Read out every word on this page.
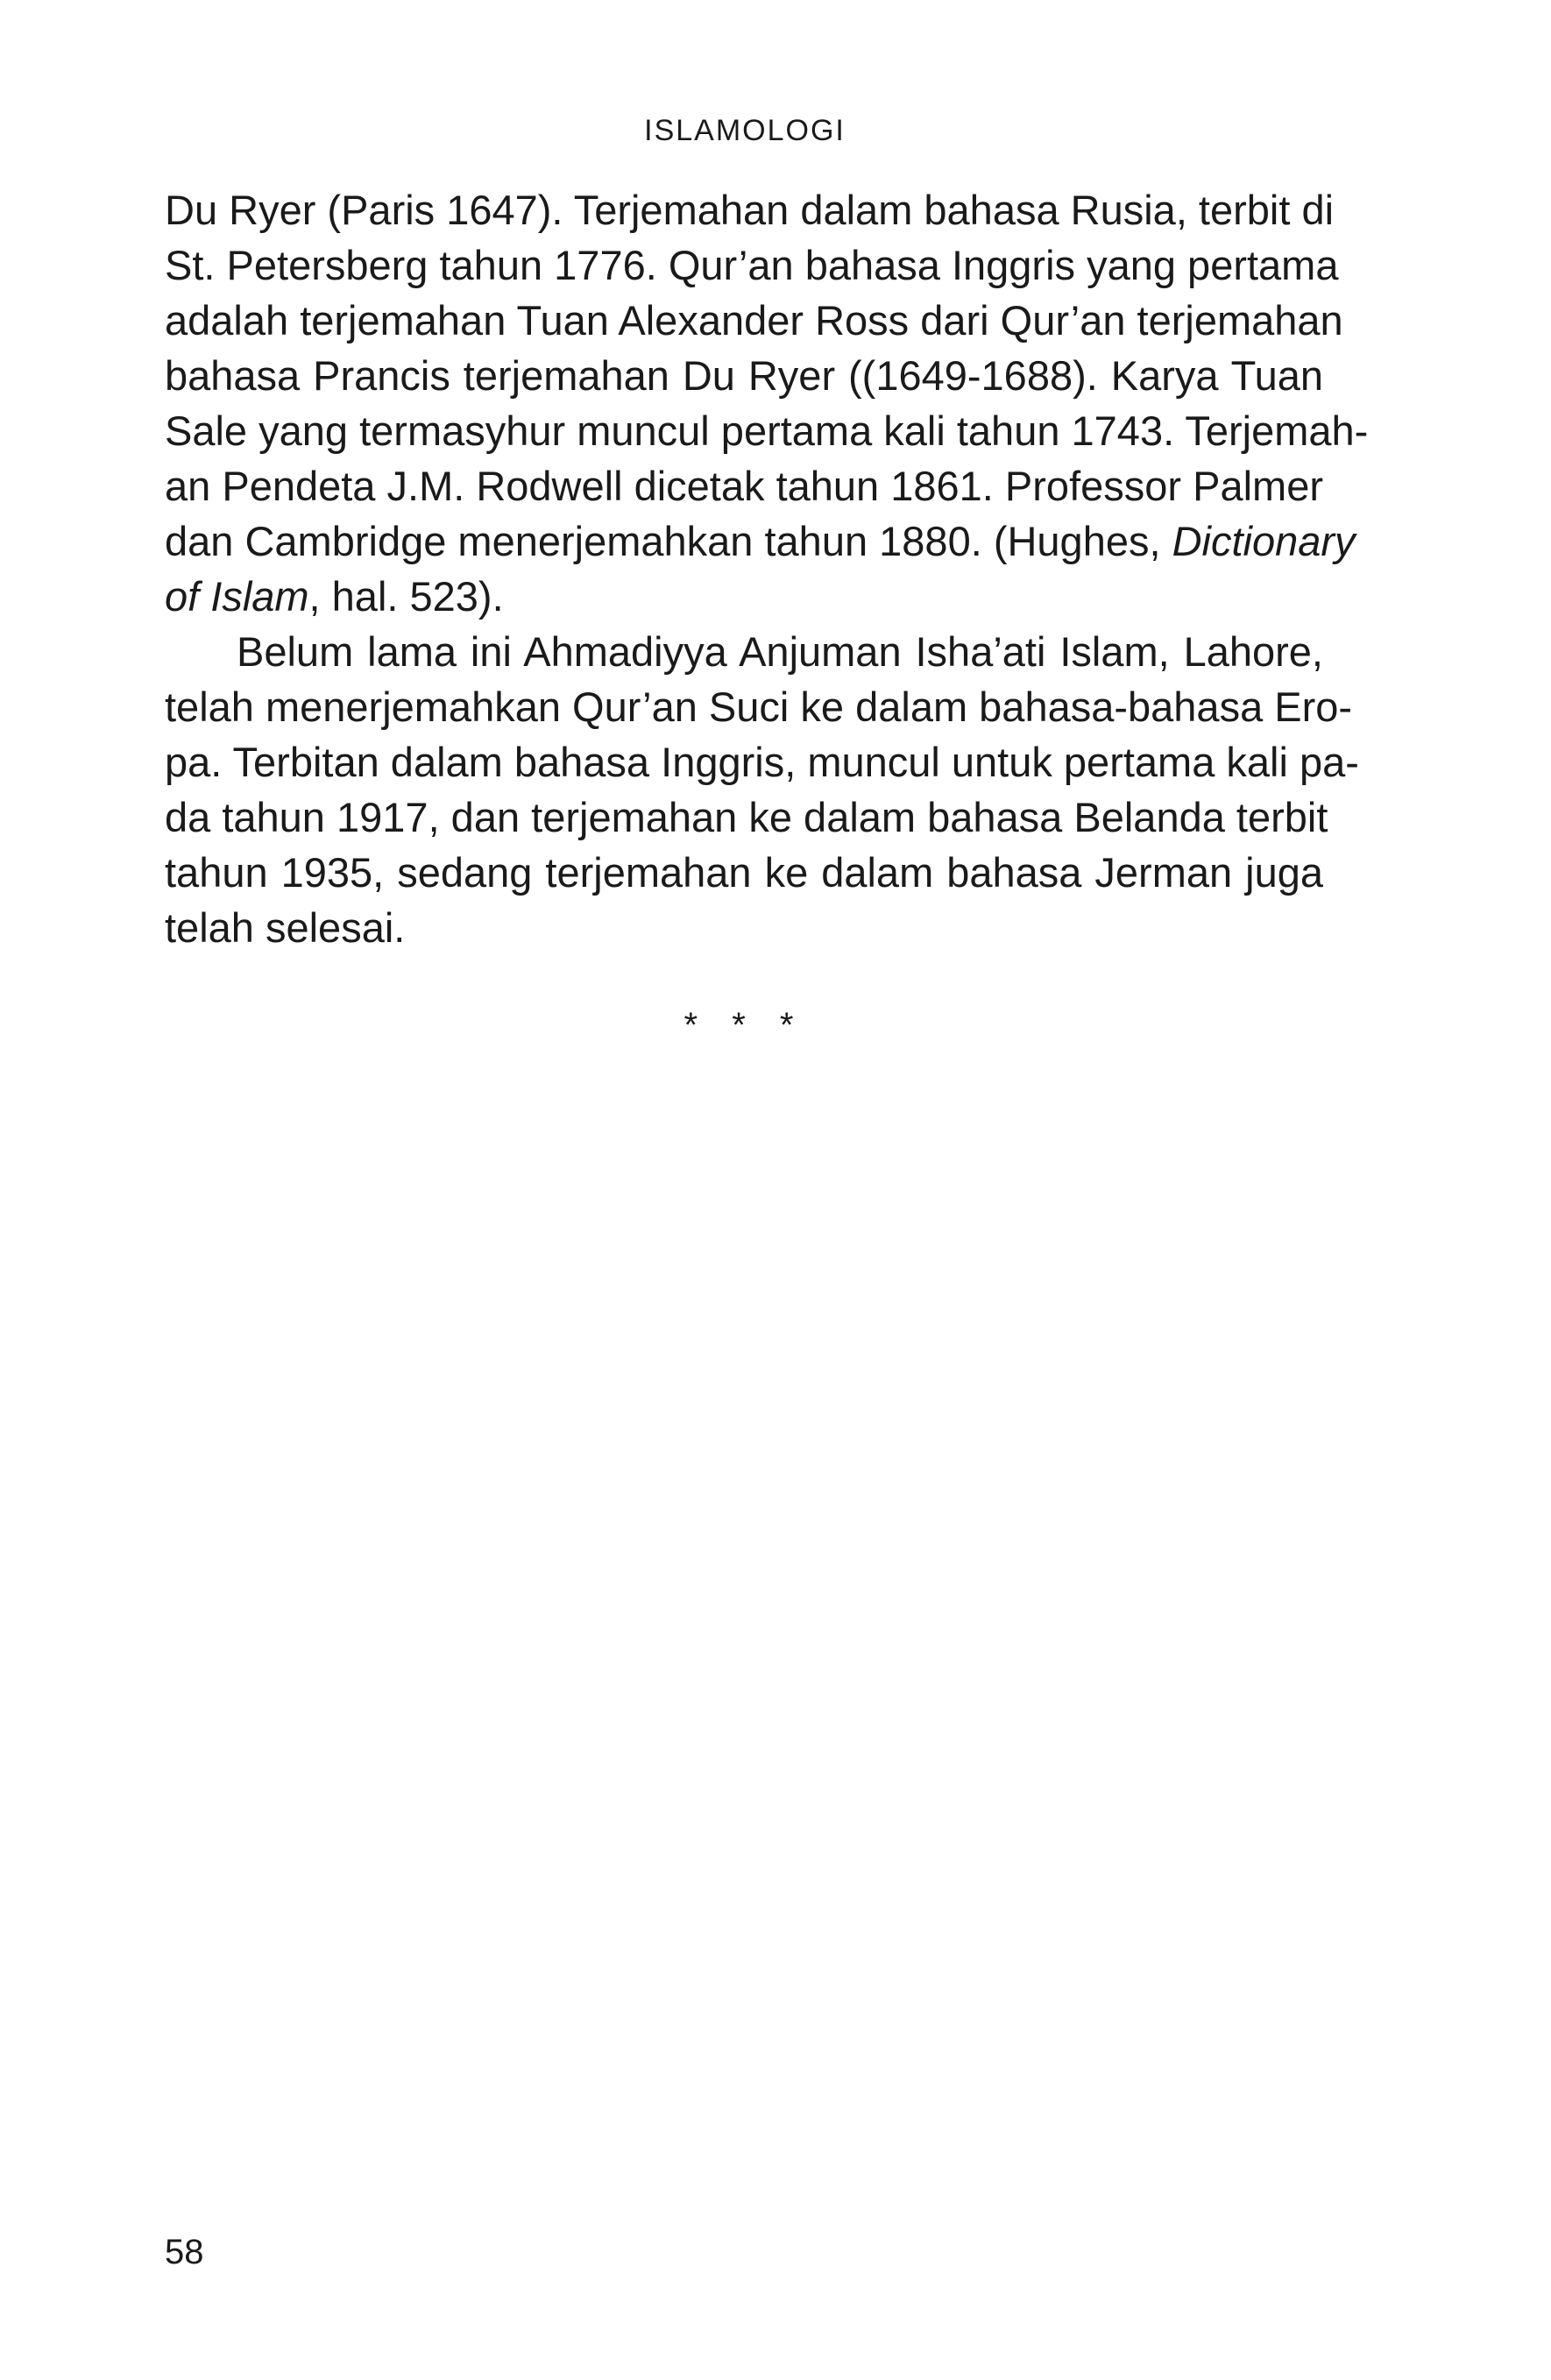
ISLAMOLOGI

Du Ryer (Paris 1647). Terjemahan dalam bahasa Rusia, terbit di
St. Petersberg tahun 1776. Qur’an bahasa Inggris yang pertama
adalah terjemahan Tuan Alexander Ross dari Qur’an terjemahan
bahasa Prancis terjemahan Du Ryer ((1649-1688). Karya Tuan
Sale yang termasyhur muncul pertama kali tahun 1743. Terjemah-
an Pendeta J.M. Rodwell dicetak tahun 1861. Professor Palmer
dan Cambridge menerjemahkan tahun 1880. (Hughes, Dictionary
of Islam, hal. 523).

Belum lama ini Ahmadiyya Anjuman Isha’ati Islam, Lahore,
telah menerjemahkan Qur’an Suci ke dalam bahasa-bahasa Ero-
pa. Terbitan dalam bahasa Inggris, muncul untuk pertama kali pa-
da tahun 1917, dan terjemahan ke dalam bahasa Belanda terbit
tahun 1935, sedang terjemahan ke dalam bahasa Jerman juga
telah selesai.

* * *
58
